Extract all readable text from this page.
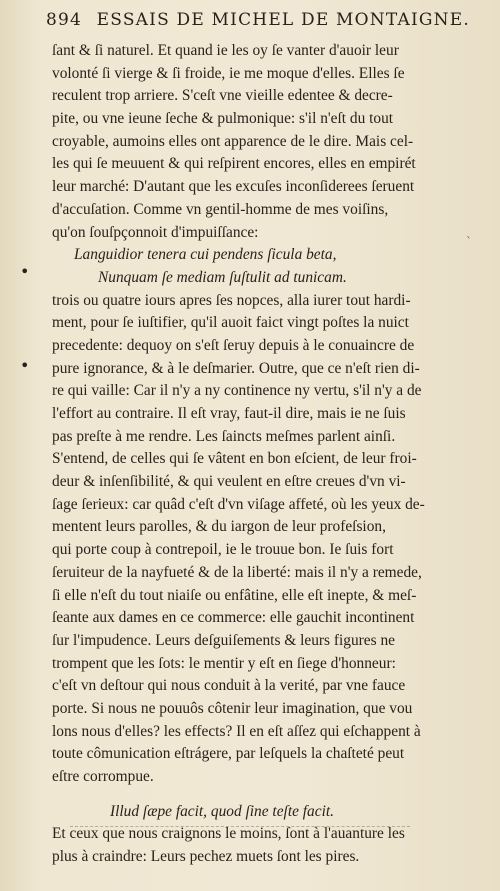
894 ESSAIS DE MICHEL DE MONTAIGNE.
ˋ
ſant & ſi naturel. Et quand ie les oy ſe vanter d'auoir leur
volonté ſi vierge & ſi froide, ie me moque d'elles. Elles ſe
reculent trop arriere. S'ceſt vne vieille edentee & decre-
pite, ou vne ieune ſeche & pulmonique: s'il n'eſt du tout
croyable, aumoins elles ont apparence de le dire. Mais cel-
les qui ſe meuuent & qui reſpirent encores, elles en empirét
leur marché: D'autant que les excuſes inconſiderees ſeruent
d'accuſation. Comme vn gentil-homme de mes voiſins,
qu'on ſouſpçonnoit d'impuiſſance:
Languidior tenera cui pendens ſicula beta,
Nunquam ſe mediam ſuſtulit ad tunicam.
trois ou quatre iours apres ſes nopces, alla iurer tout hardi-
ment, pour ſe iuſtifier, qu'il auoit faict vingt poſtes la nuict
precedente: dequoy on s'eſt ſeruy depuis à le conuaincre de
pure ignorance, & à le deſmarier. Outre, que ce n'eſt rien di-
re qui vaille: Car il n'y a ny continence ny vertu, s'il n'y a de
l'effort au contraire. Il eſt vray, faut-il dire, mais ie ne ſuis
pas preſte à me rendre. Les ſaincts meſmes parlent ainſi.
S'entend, de celles qui ſe vâtent en bon eſcient, de leur froi-
deur & inſenſibilité, & qui veulent en eſtre creues d'vn vi-
ſage ſerieux: car quâd c'eſt d'vn viſage affeté, où les yeux de-
mentent leurs parolles, & du iargon de leur profeſsion,
qui porte coup à contrepoil, ie le trouue bon. Ie ſuis fort
ſeruiteur de la nayfueté & de la liberté: mais il n'y a remede,
ſi elle n'eſt du tout niaiſe ou enfâtine, elle eſt inepte, & meſ-
ſeante aux dames en ce commerce: elle gauchit incontinent
ſur l'impudence. Leurs deſguiſements & leurs figures ne
trompent que les ſots: le mentir y eſt en ſiege d'honneur:
c'eſt vn deſtour qui nous conduit à la verité, par vne fauce
porte. Si nous ne pouuôs côtenir leur imagination, que vou
lons nous d'elles? les effects? Il en eſt aſſez qui eſchappent à
toute cômunication eſtrágere, par leſquels la chaſteté peut
eſtre corrompue.
Illud ſæpe facit, quod ſine teſte facit.
Et ceux que nous craignons le moins, ſont à l'auanture les
plus à craindre: Leurs pechez muets ſont les pires.
•
•
